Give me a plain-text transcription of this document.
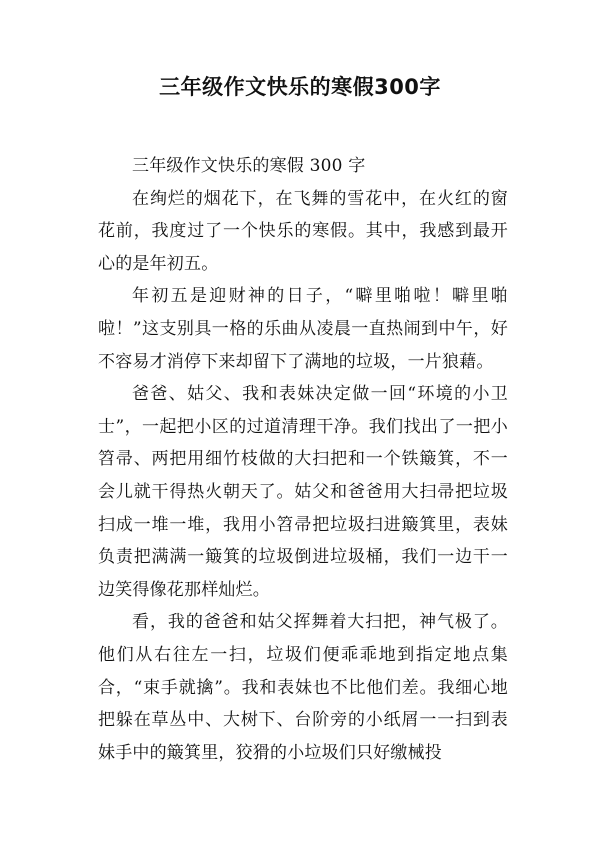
三年级作文快乐的寒假300字

三年级作文快乐的寒假 300 字

在绚烂的烟花下，在飞舞的雪花中，在火红的窗花前，我度过了一个快乐的寒假。其中，我感到最开心的是年初五。

年初五是迎财神的日子，“噼里啪啦！噼里啪啦！”这支别具一格的乐曲从凌晨一直热闹到中午，好不容易才消停下来却留下了满地的垃圾，一片狼藉。

爸爸、姑父、我和表妹决定做一回“环境的小卫士”，一起把小区的过道清理干净。我们找出了一把小笤帚、两把用细竹枝做的大扫把和一个铁簸箕，不一会儿就干得热火朝天了。姑父和爸爸用大扫帚把垃圾扫成一堆一堆，我用小笤帚把垃圾扫进簸箕里，表妹负责把满满一簸箕的垃圾倒进垃圾桶，我们一边干一边笑得像花那样灿烂。

看，我的爸爸和姑父挥舞着大扫把，神气极了。他们从右往左一扫，垃圾们便乖乖地到指定地点集合，“束手就擒”。我和表妹也不比他们差。我细心地把躲在草丛中、大树下、台阶旁的小纸屑一一扫到表妹手中的簸箕里，狡猾的小垃圾们只好缴械投
